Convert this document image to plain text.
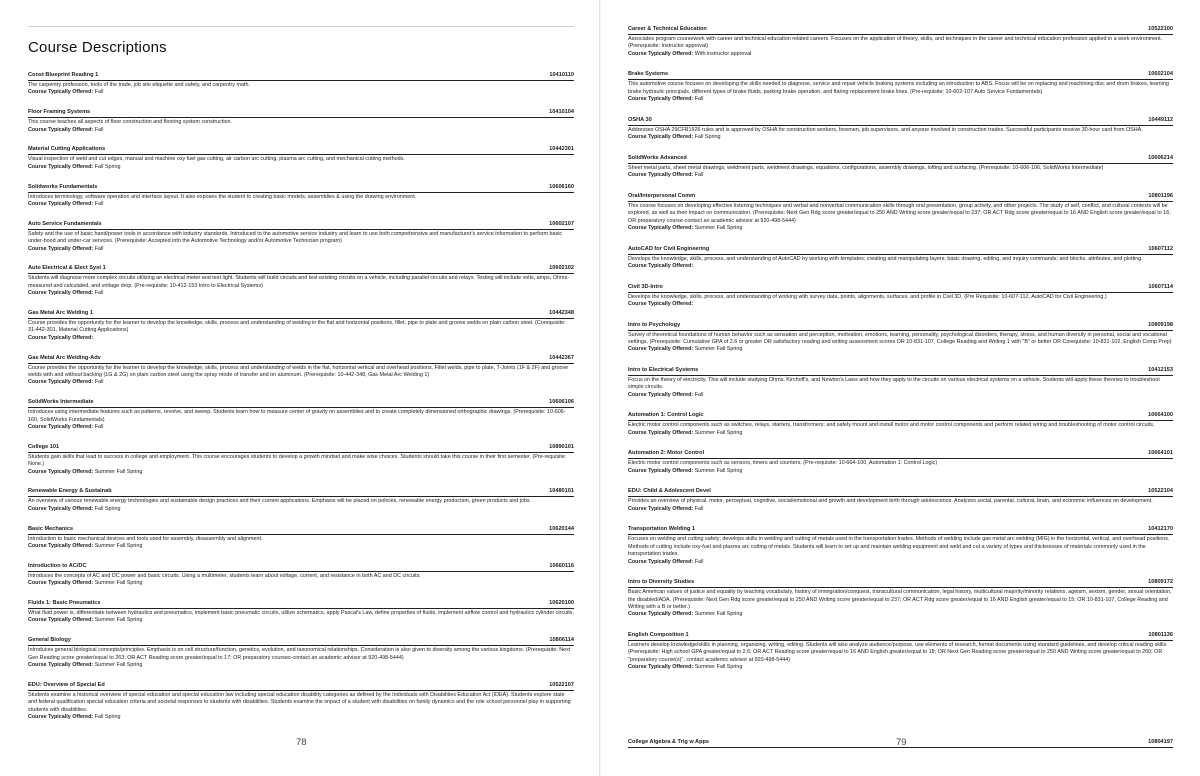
Course Descriptions
Const Blueprint Reading 1	10410110
The carpentry profession, tools of the trade, job site etiquette and safety, and carpentry math.
Course Typically Offered: Fall
Floor Framing Systems	10410104
This course teaches all aspects of floor construction and flooring system construction.
Course Typically Offered: Fall
Material Cutting Applications	10442301
Visual inspection of weld and cut edges, manual and machine oxy fuel gas cutting, air carbon arc cutting, plasma arc cutting, and mechanical cutting methods.
Course Typically Offered: Fall Spring
Solidworks Fundamentals	10606160
Introduces terminology, software operation and interface layout. It also exposes the student to creating basic models, assemblies & using the drawing environment.
Course Typically Offered: Fall
Auto Service Fundamentals	10602107
Safety and the use of basic hand/power tools in accordance with industry standards. Introduced to the automotive service industry and learn to use both comprehensive and manufacturer's service information to perform basic under-hood and under-car services. (Prerequisite: Accepted into the Automotive Technology and/or Automotive Technician program)
Course Typically Offered: Fall
Auto Electrical & Elect Syst 1	10602102
Students will diagnose more complex circuits utilizing an electrical meter and test light. Students will build circuits and test existing circuits on a vehicle, including parallel circuits and relays. Testing will include volts, amps, Ohms- measured and calculated, and voltage drop. (Pre-requisite: 10-412-153 Intro to Electrical Systems)
Course Typically Offered: Fall
Gas Metal Arc Welding 1	10442348
Course provides the opportunity for the learner to develop the knowledge, skills, process and understanding of welding in the flat and horizontal positions, fillet, pipe to plate and groove welds on plain carbon steel. (Corequisite: 31-442-301, Material Cutting Applications)
Course Typically Offered:
Gas Metal Arc Welding-Adv	10442367
Course provides the opportunity for the learner to develop the knowledge, skills, process and understanding of welds in the flat, horizontal vertical and overhead positions. Fillet welds, pipe to plate, T-Joints (1F & 2F) and groove welds with and without backing (1G & 2G) on plain carbon steel using the spray mode of transfer and on aluminum. (Prerequisite: 10-442-348, Gas Metal Arc Welding 1)
Course Typically Offered: Fall
SolidWorks Intermediate	10606106
Introduces using intermediate features such as patterns, revolve, and sweep. Students learn how to measure center of gravity on assemblies and to create completely dimensioned orthographic drawings. (Prerequisite: 10-606-160, SolidWorks Fundamentals)
Course Typically Offered: Fall
College 101	10890101
Students gain skills that lead to success in college and employment. This course encourages students to develop a growth mindset and make wise choices. Students should take this course in their first semester. (Pre-requisite: None.)
Course Typically Offered: Summer Fall Spring
Renewable Energy & Sustainab	10480101
An overview of various renewable energy technologies and sustainable design practices and their current applications. Emphasis will be placed on policies, renewable energy production, green products and jobs.
Course Typically Offered: Fall Spring
Basic Mechanics	10620144
Introduction to basic mechanical devices and tools used for assembly, disassembly and alignment.
Course Typically Offered: Summer Fall Spring
Introduction to AC/DC	10660116
Introduces the concepts of AC and DC power and basic circuits. Using a multimeter, students learn about voltage, current, and resistance in both AC and DC circuits.
Course Typically Offered: Summer Fall Spring
Fluids 1: Basic Pneumatics	10620100
What fluid power is, differentiate between hydraulics and pneumatics, implement basic pneumatic circuits, utilize schematics, apply Pascal's Law, define properties of fluids, implement airflow control and hydraulics cylinder circuits.
Course Typically Offered: Summer Fall Spring
General Biology	10806114
Introduces general biological concepts/principles. Emphasis is on cell structure/function, genetics, evolution, and taxonomical relationships. Consideration is also given to diversity among the various kingdoms. (Prerequisite: Next Gen Reading score greater/equal to 263; OR ACT Reading score greater/equal to 17; OR preparatory courses-contact an academic advisor at 920-498-5444)
Course Typically Offered: Summer Fall Spring
EDU: Overview of Special Ed	10522107
Students examine a historical overview of special education and special education law including special education disability categories as defined by the Individuals with Disabilities Education Act (IDEA). Students explore state and federal qualification special education criteria and societal responses to students with disabilities. Students examine the impact of a student with disabilities on family dynamics and the role school personnel play in supporting students with disabilities.
Course Typically Offered: Fall Spring
78
Career & Technical Education	10522100
Associates program coursework with career and technical education related careers. Focuses on the application of theory, skills, and techniques in the career and technical education profession applied in a work environment. (Prerequisite: Instructor approval)
Course Typically Offered: With instructor approval
Brake Systems	10602104
This automotive course focuses on developing the skills needed to diagnose, service and repair vehicle braking systems including an introduction to ABS. Focus will be on replacing and machining disc and drum brakes, learning brake hydraulic principals, different types of brake fluids, parking brake operation, and flaring replacement brake lines. (Pre-requisite: 10-602-107 Auto Service Fundamentals)
Course Typically Offered: Fall
OSHA 30	10449112
Addresses OSHA 29CFR1926 rules and is approved by OSHA for construction workers, foremen, job supervisors, and anyone involved in construction trades. Successful participants receive 30-hour card from OSHA.
Course Typically Offered: Fall Spring
SolidWorks Advanced	10606214
Sheet metal parts, sheet metal drawings, weldment parts, weldment drawings, equations, configurations, assembly drawings, lofting and surfacing. (Prerequisite: 10-606-106, SolidWorks Intermediate)
Course Typically Offered: Fall
Oral/Interpersonal Comm	10801196
This course focuses on developing effective listening techniques and verbal and nonverbal communication skills through oral presentation, group activity, and other projects. The study of self, conflict, and cultural contexts will be explored, as well as their impact on communication. (Prerequisite: Next Gen Rdg score greater/equal to 250 AND Writing score greater/equal to 237; OR ACT Rdg score greater/equal to 16 AND English score greater/equal to 16; OR preparatory course-contact an academic advisor at 920-498-5444)
Course Typically Offered: Summer Fall Spring
AutoCAD for Civil Engineering	10607112
Develops the knowledge, skills, process, and understanding of AutoCAD by working with templates; creating and manipulating layers; basic drawing, editing, and inquiry commands; and blocks, attributes, and plotting.
Course Typically Offered:
Civil 3D-Intro	10607114
Develops the knowledge, skills, process, and understanding of working with survey data, points, alignments, surfaces, and profile in Civil 3D. (Pre Requisite: 10-607-112, AutoCAD for Civil Engineering.)
Course Typically Offered:
Intro to Psychology	10809198
Survey of theoretical foundations of human behavior such as sensation and perception, motivation, emotions, learning, personality, psychological disorders, therapy, stress, and human diversity in personal, social and vocational settings. (Prerequisite: Cumulative GPA of 2.6 or greater OR satisfactory reading and writing assessment scores OR 10-831-107, College Reading and Writing 1 with "B" or better OR Corequisite: 10-831-102, English Comp Prep)
Course Typically Offered: Summer Fall Spring
Intro to Electrical Systems	10412153
Focus on the theory of electricity. This will include studying Ohms, Kirchoff's, and Newton's Laws and how they apply to the circuits on various electrical systems on a vehicle. Students will apply these theories to troubleshoot simple circuits.
Course Typically Offered: Fall
Automation 1: Control Logic	10664100
Electric motor control components such as switches, relays, starters, transformers; and safely mount and install motor and motor control components and perform related wiring and troubleshooting of motor control circuits.
Course Typically Offered: Summer Fall Spring
Automation 2: Motor Control	10664101
Electric motor control components such as sensors, timers and counters. (Pre-requisite: 10-664-100, Automation 1: Control Logic)
Course Typically Offered: Summer Fall Spring
EDU: Child & Adolescent Devel	10522104
Provides an overview of physical, motor, perceptual, cognitive, social/emotional and growth and development birth through adolescence. Analyzes social, parental, cultural, brain, and economic influences on development.
Course Typically Offered: Fall
Transportation Welding 1	10412170
Focuses on welding and cutting safety; develops skills in welding and cutting of metals used in the transportation trades. Methods of welding include gas metal arc welding (MIG) in the horizontal, vertical, and overhead positions. Methods of cutting include oxy-fuel and plasma arc cutting of metals. Students will learn to set up and maintain welding equipment and weld and cut a variety of types and thicknesses of materials commonly used in the transportation trades.
Course Typically Offered: Fall
Intro to Diversity Studies	10809172
Basic American values of justice and equality by teaching vocabulary, history of immigration/conquest, transcultural communication, legal history, multicultural majority/minority relations, ageism, sexism, gender, sexual orientation, the disabled/ADA. (Prerequisite: Next Gen Rdg score greater/equal to 250 AND Writing score greater/equal to 237; OR ACT Rdg score greater/equal to 16 AND English greater/equal to 15; OR 10-831-107, College Reading and Writing with a B or better.)
Course Typically Offered: Summer Fall Spring
English Composition 1	10801136
Learners develop knowledge/skills in planning, organizing, writing, editing. Students will also analyze audience/purpose, use elements of research, format documents using standard guidelines, and develop critical reading skills. (Prerequisite: High school GPA greater/equal to 2.6; OR ACT Reading score greater/equal to 16 AND English greater/equal to 18; OR Next Gen Reading score greater/equal to 250 AND Writing score greater/equal to 260; OR "preparatory course(s)", contact academic advisor at 920-498-5444)
Course Typically Offered: Summer Fall Spring
College Algebra & Trig w Apps	10804197
79
